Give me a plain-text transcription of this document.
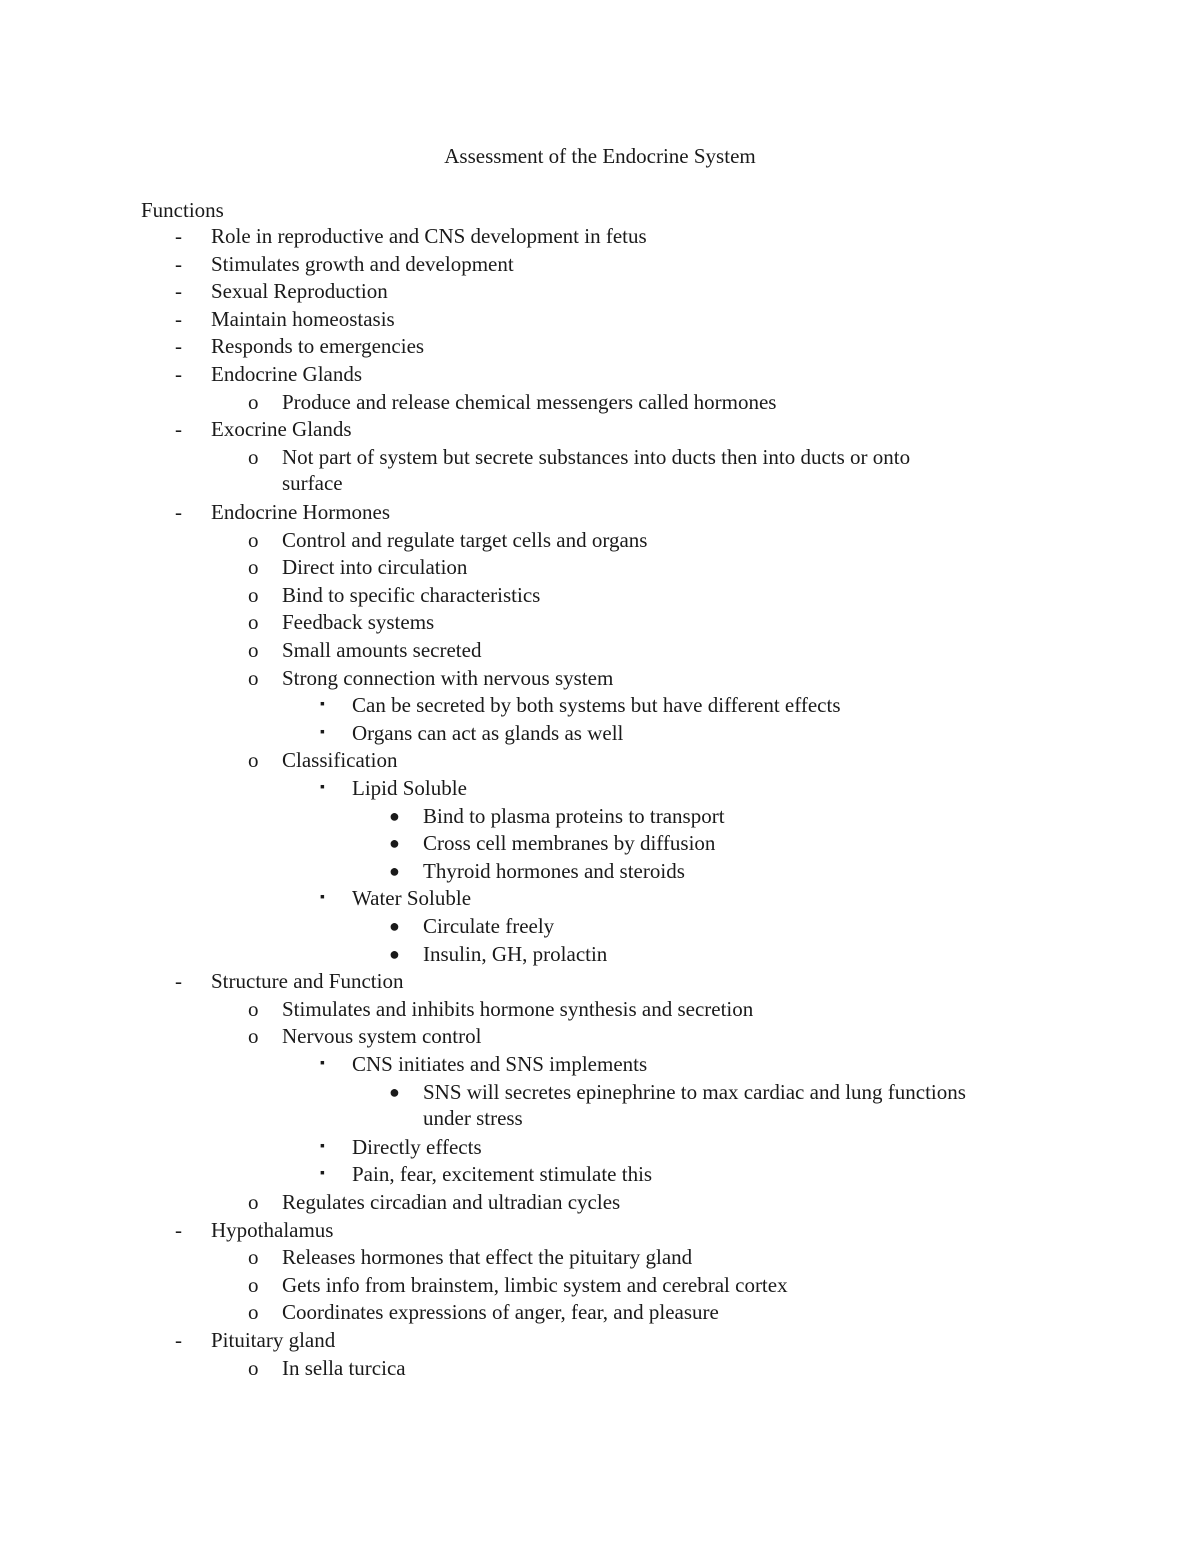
Assessment of the Endocrine System
Functions
-	Role in reproductive and CNS development in fetus
-	Stimulates growth and development
-	Sexual Reproduction
-	Maintain homeostasis
-	Responds to emergencies
-	Endocrine Glands
o	Produce and release chemical messengers called hormones
-	Exocrine Glands
o	Not part of system but secrete substances into ducts then into ducts or onto
surface
-	Endocrine Hormones
o	Control and regulate target cells and organs
o	Direct into circulation
o	Bind to specific characteristics
o	Feedback systems
o	Small amounts secreted
o	Strong connection with nervous system
▪	Can be secreted by both systems but have different effects
▪	Organs can act as glands as well
o	Classification
▪	Lipid Soluble
●	Bind to plasma proteins to transport
●	Cross cell membranes by diffusion
●	Thyroid hormones and steroids
▪	Water Soluble
●	Circulate freely
●	Insulin, GH, prolactin
-	Structure and Function
o	Stimulates and inhibits hormone synthesis and secretion
o	Nervous system control
▪	CNS initiates and SNS implements
●	SNS will secretes epinephrine to max cardiac and lung functions
under stress
▪	Directly effects
▪	Pain, fear, excitement stimulate this
o	Regulates circadian and ultradian cycles
-	Hypothalamus
o	Releases hormones that effect the pituitary gland
o	Gets info from brainstem, limbic system and cerebral cortex
o	Coordinates expressions of anger, fear, and pleasure
-	Pituitary gland
o	In sella turcica
